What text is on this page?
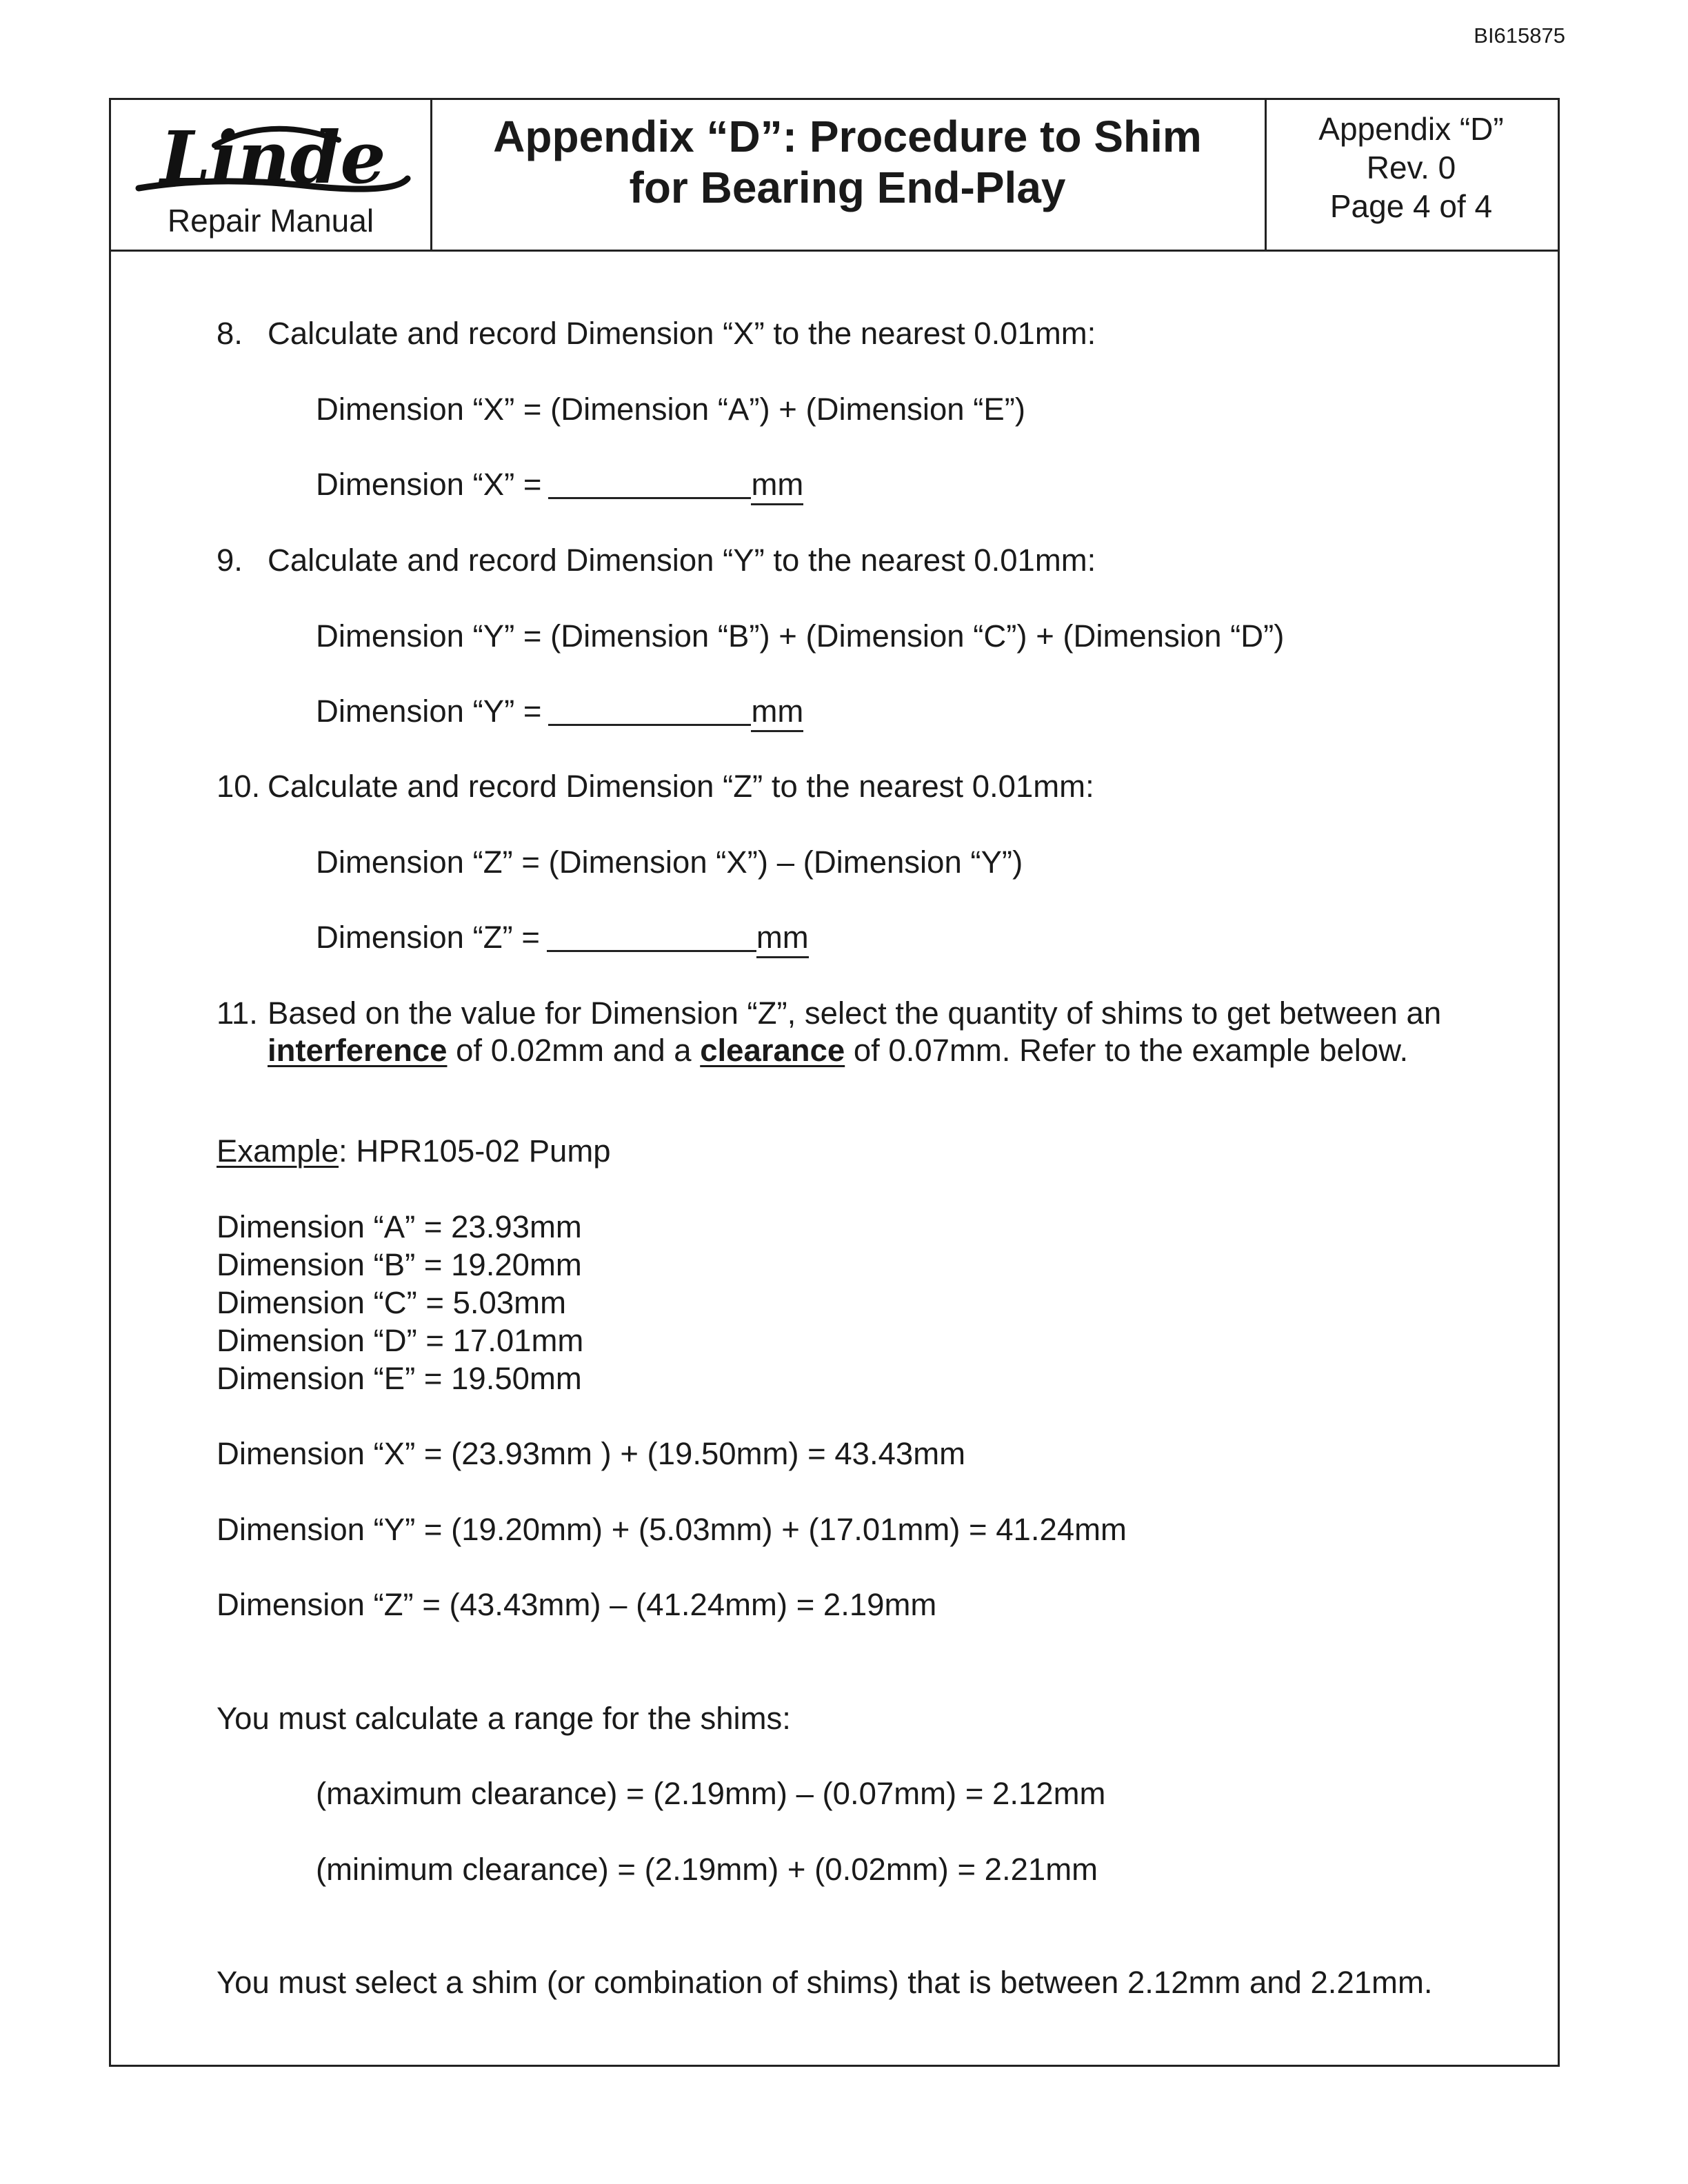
BI615875
Linde
Repair Manual
Appendix “D”: Procedure to Shim
for Bearing End-Play
Appendix “D”
Rev. 0
Page 4 of 4
8. Calculate and record Dimension “X” to the nearest 0.01mm:
Dimension “X” = (Dimension “A”) + (Dimension “E”)
Dimension “X” =	mm
9. Calculate and record Dimension “Y” to the nearest 0.01mm:
Dimension “Y” = (Dimension “B”) + (Dimension “C”) + (Dimension “D”)
Dimension “Y” =	mm
10. Calculate and record Dimension “Z” to the nearest 0.01mm:
Dimension “Z” = (Dimension “X”) – (Dimension “Y”)
Dimension “Z” =	mm
11. Based on the value for Dimension “Z”, select the quantity of shims to get between an
interference of 0.02mm and a clearance of 0.07mm. Refer to the example below.
Example: HPR105-02 Pump
Dimension “A” = 23.93mm
Dimension “B” = 19.20mm
Dimension “C” = 5.03mm
Dimension “D” = 17.01mm
Dimension “E” = 19.50mm
Dimension “X” = (23.93mm ) + (19.50mm) = 43.43mm
Dimension “Y” = (19.20mm) + (5.03mm) + (17.01mm) = 41.24mm
Dimension “Z” = (43.43mm) – (41.24mm) = 2.19mm
You must calculate a range for the shims:
(maximum clearance) = (2.19mm) – (0.07mm) = 2.12mm
(minimum clearance) = (2.19mm) + (0.02mm) = 2.21mm
You must select a shim (or combination of shims) that is between 2.12mm and 2.21mm.
